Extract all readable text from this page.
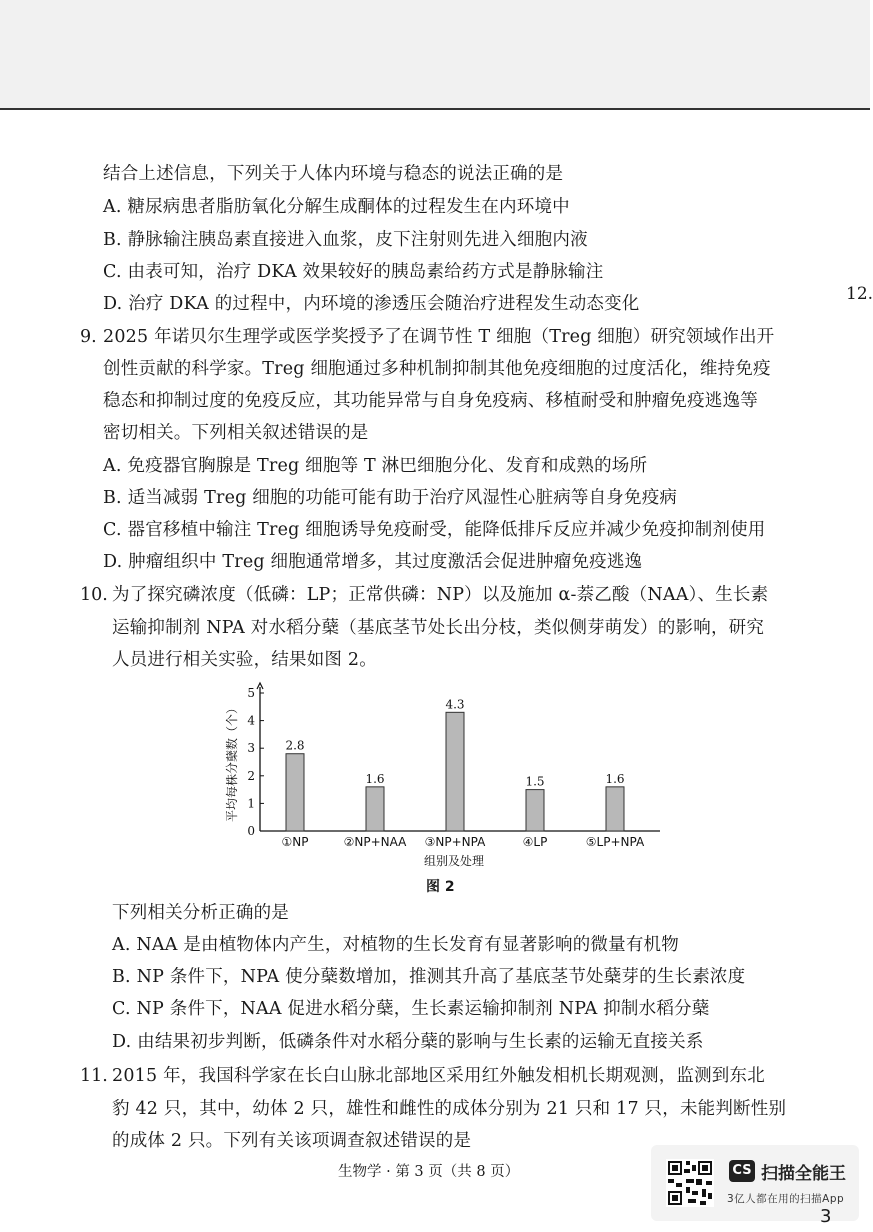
结合上述信息，下列关于人体内环境与稳态的说法正确的是
A. 糖尿病患者脂肪氧化分解生成酮体的过程发生在内环境中
B. 静脉输注胰岛素直接进入血浆，皮下注射则先进入细胞内液
C. 由表可知，治疗 DKA 效果较好的胰岛素给药方式是静脉输注
D. 治疗 DKA 的过程中，内环境的渗透压会随治疗进程发生动态变化	12.
9. 2025 年诺贝尔生理学或医学奖授予了在调节性 T 细胞（Treg 细胞）研究领域作出开
创性贡献的科学家。Treg 细胞通过多种机制抑制其他免疫细胞的过度活化，维持免疫
稳态和抑制过度的免疫反应，其功能异常与自身免疫病、移植耐受和肿瘤免疫逃逸等
密切相关。下列相关叙述错误的是
A. 免疫器官胸腺是 Treg 细胞等 T 淋巴细胞分化、发育和成熟的场所
B. 适当减弱 Treg 细胞的功能可能有助于治疗风湿性心脏病等自身免疫病
C. 器官移植中输注 Treg 细胞诱导免疫耐受，能降低排斥反应并减少免疫抑制剂使用
D. 肿瘤组织中 Treg 细胞通常增多，其过度激活会促进肿瘤免疫逃逸
10. 为了探究磷浓度（低磷：LP；正常供磷：NP）以及施加 α-萘乙酸（NAA）、生长素
运输抑制剂 NPA 对水稻分蘖（基底茎节处长出分枝，类似侧芽萌发）的影响，研究
人员进行相关实验，结果如图 2。
0
1
2
3
4
5
平均每株分蘖数（个）	2.8
①NP
1.6
②NP+NAA
4.3
③NP+NPA
1.5
④LP
1.6
⑤LP+NPA
组别及处理
图 2
下列相关分析正确的是
A. NAA 是由植物体内产生，对植物的生长发育有显著影响的微量有机物
B. NP 条件下，NPA 使分蘖数增加，推测其升高了基底茎节处蘖芽的生长素浓度
C. NP 条件下，NAA 促进水稻分蘖，生长素运输抑制剂 NPA 抑制水稻分蘖
D. 由结果初步判断，低磷条件对水稻分蘖的影响与生长素的运输无直接关系
11. 2015 年，我国科学家在长白山脉北部地区采用红外触发相机长期观测，监测到东北
豹 42 只，其中，幼体 2 只，雄性和雌性的成体分别为 21 只和 17 只，未能判断性别
的成体 2 只。下列有关该项调查叙述错误的是
生物学 · 第 3 页（共 8 页）	CS 扫描全能王
3亿人都在用的扫描App
3
